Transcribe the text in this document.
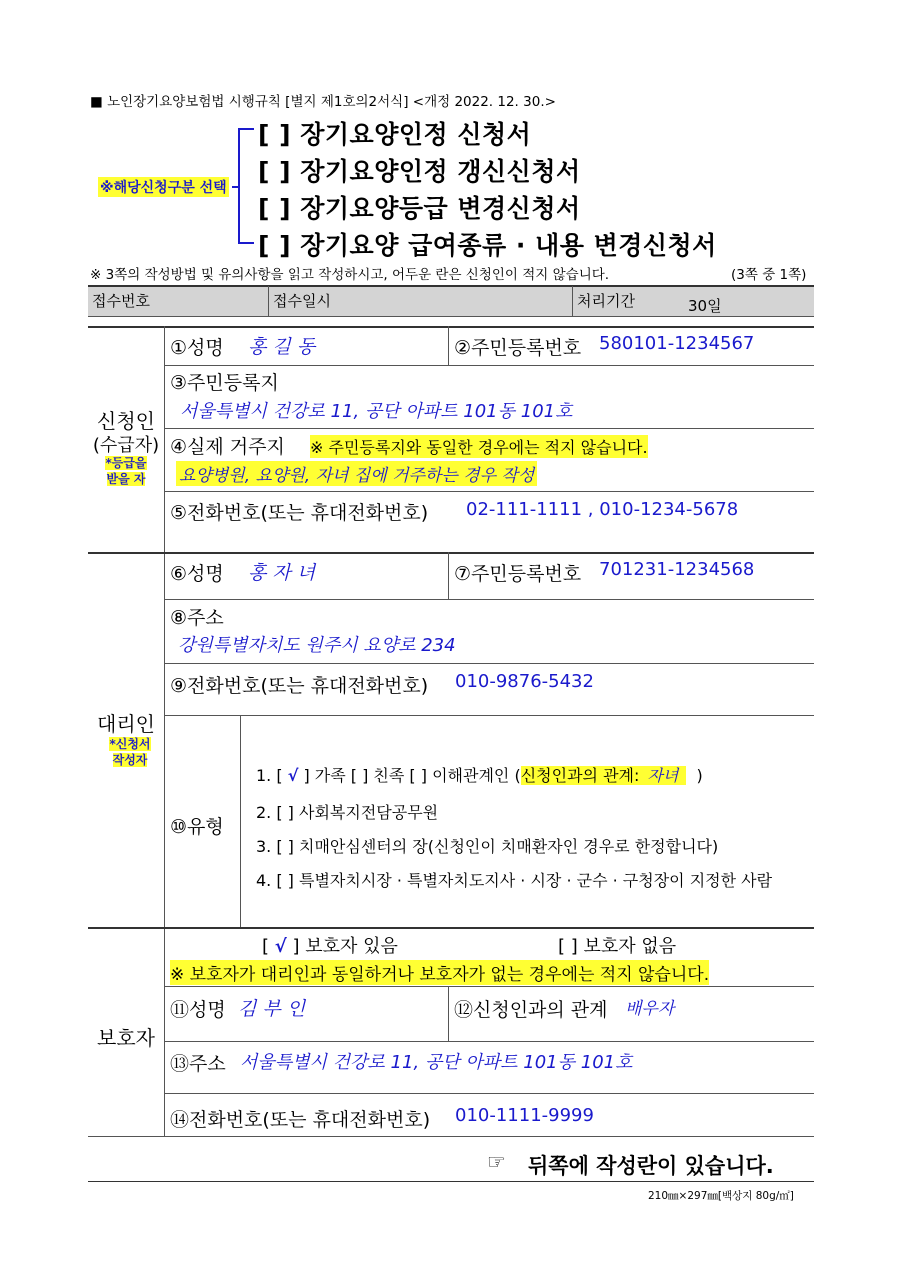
■ 노인장기요양보험법 시행규칙 [별지 제1호의2서식] <개정 2022. 12. 30.>
※해당신청구분 선택
[ ] 장기요양인정 신청서
[ ] 장기요양인정 갱신신청서
[ ] 장기요양등급 변경신청서
[ ] 장기요양 급여종류 · 내용 변경신청서
※ 3쪽의 작성방법 및 유의사항을 읽고 작성하시고, 어두운 란은 신청인이 적지 않습니다.	(3쪽 중 1쪽)
접수번호	접수일시	처리기간	30일
신청인
(수급자)
*등급을
받을 자
①성명 홍 길 동	②주민등록번호 580101-1234567
③주민등록지
서울특별시 건강로 11, 공단 아파트 101동 101호
④실제 거주지 ※ 주민등록지와 동일한 경우에는 적지 않습니다.
요양병원, 요양원, 자녀 집에 거주하는 경우 작성
⑤전화번호(또는 휴대전화번호) 02-111-1111 , 010-1234-5678
대리인
*신청서
작성자
⑥성명 홍 자 녀	⑦주민등록번호 701231-1234568
⑧주소
강원특별자치도 원주시 요양로 234
⑨전화번호(또는 휴대전화번호) 010-9876-5432
⑩유형
1. [ √ ] 가족 [ ] 친족 [ ] 이해관계인 (신청인과의 관계: 자녀 )
2. [ ] 사회복지전담공무원
3. [ ] 치매안심센터의 장(신청인이 치매환자인 경우로 한정합니다)
4. [ ] 특별자치시장 · 특별자치도지사 · 시장 · 군수 · 구청장이 지정한 사람
보호자
[ √ ] 보호자 있음	[ ] 보호자 없음
※ 보호자가 대리인과 동일하거나 보호자가 없는 경우에는 적지 않습니다.
⑪성명 김 부 인	⑫신청인과의 관계 배우자
⑬주소 서울특별시 건강로 11, 공단 아파트 101동 101호
⑭전화번호(또는 휴대전화번호) 010-1111-9999
☞ 뒤쪽에 작성란이 있습니다.
210㎜×297㎜[백상지 80g/㎡]
